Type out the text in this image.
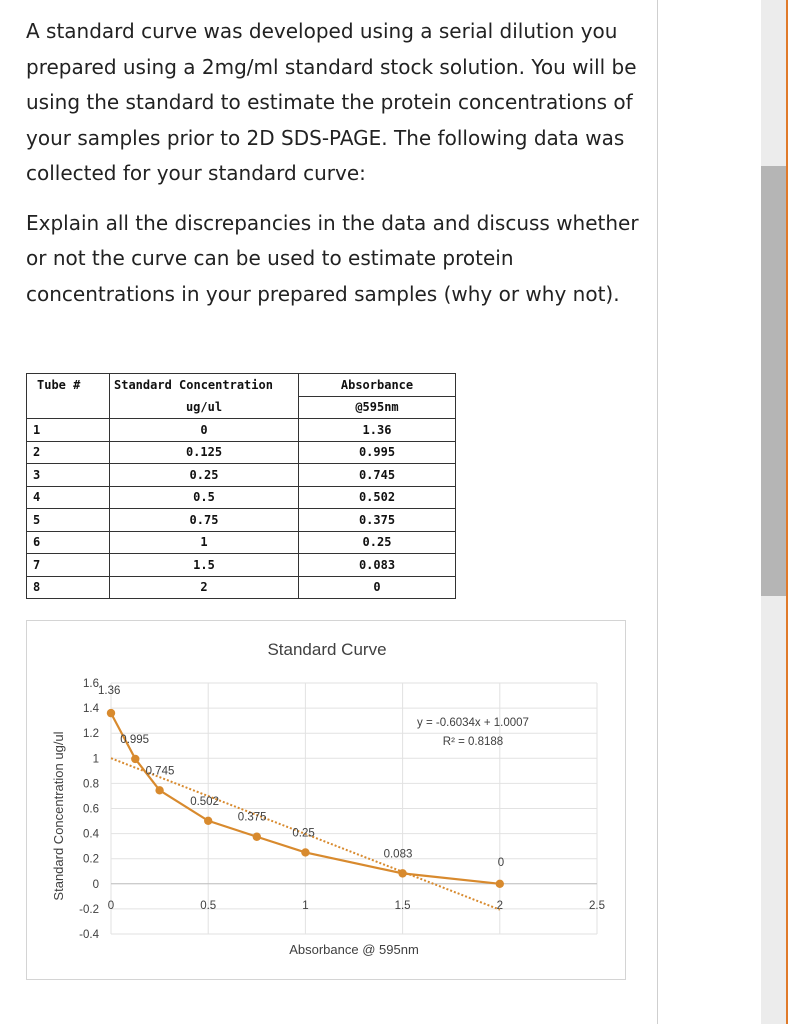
A standard curve was developed using a serial dilution you prepared using a 2mg/ml standard stock solution. You will be using the standard to estimate the protein concentrations of your samples prior to 2D SDS-PAGE. The following data was collected for your standard curve:

Explain all the discrepancies in the data and discuss whether or not the curve can be used to estimate protein concentrations in your prepared samples (why or why not).

Tube #	Standard Concentration	Absorbance
	ug/ul	@595nm
1	0	1.36
2	0.125	0.995
3	0.25	0.745
4	0.5	0.502
5	0.75	0.375
6	1	0.25
7	1.5	0.083
8	2	0
-0.4
-0.2
0
0.2
0.4
0.6
0.8
1
1.2
1.4
1.6
0	0.5	1	1.5	2	2.5
1.36
0.995
0.745
0.502
0.375
0.25
0.083
0
Standard Curve
Absorbance @ 595nm
Standard Concentration ug/ul
y = -0.6034x + 1.0007
R² = 0.8188
